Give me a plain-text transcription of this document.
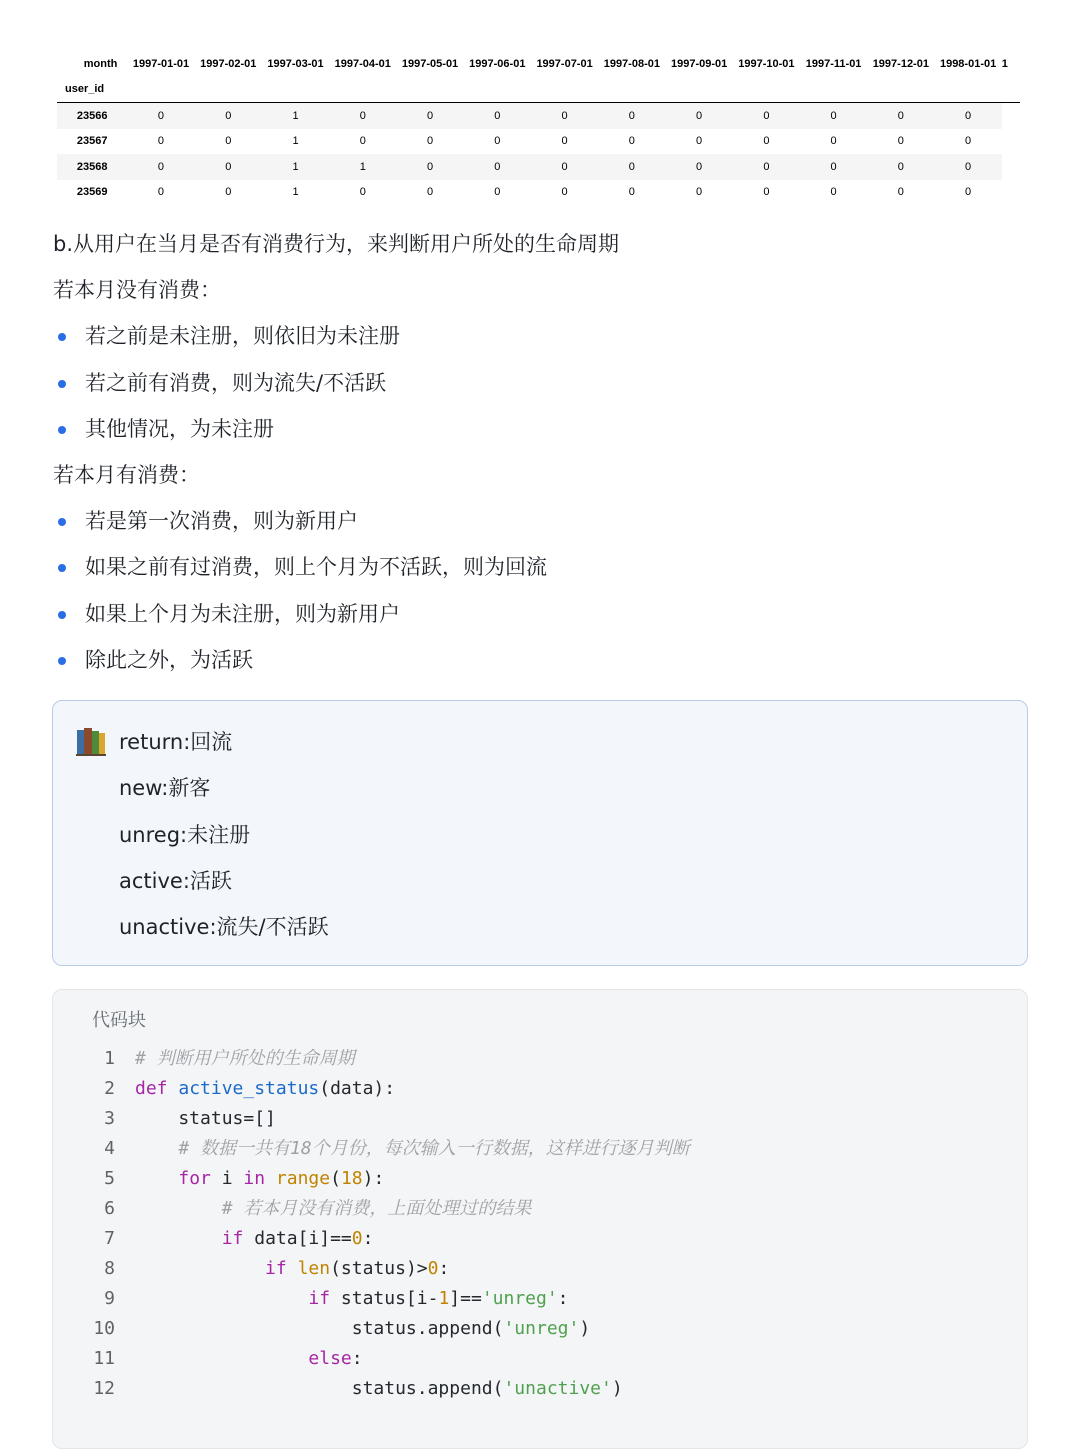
month	1997-01-01	1997-02-01	1997-03-01	1997-04-01	1997-05-01	1997-06-01	1997-07-01	1997-08-01	1997-09-01	1997-10-01	1997-11-01	1997-12-01	1998-01-01	1
user_id														
23566	0	0	1	0	0	0	0	0	0	0	0	0	0	
23567	0	0	1	0	0	0	0	0	0	0	0	0	0	
23568	0	0	1	1	0	0	0	0	0	0	0	0	0	
23569	0	0	1	0	0	0	0	0	0	0	0	0	0	
b.从用户在当月是否有消费行为，来判断用户所处的生命周期
若本月没有消费：
若之前是未注册，则依旧为未注册
若之前有消费，则为流失/不活跃
其他情况，为未注册
若本月有消费：
若是第一次消费，则为新用户
如果之前有过消费，则上个月为不活跃，则为回流
如果上个月为未注册，则为新用户
除此之外，为活跃
return:回流
new:新客
unreg:未注册
active:活跃
unactive:流失/不活跃
代码块
1 # 判断用户所处的生命周期
2 def active_status(data):
3    status=[]
4	# 数据一共有18个月份，每次输入一行数据，这样进行逐月判断
5	for i in range(18):
6	# 若本月没有消费，上面处理过的结果
7	if data[i]==0:
8	if len(status)>0:
9	if status[i-1]=='unreg':
10                    status.append('unreg')
11	else:
12                    status.append('unactive')
